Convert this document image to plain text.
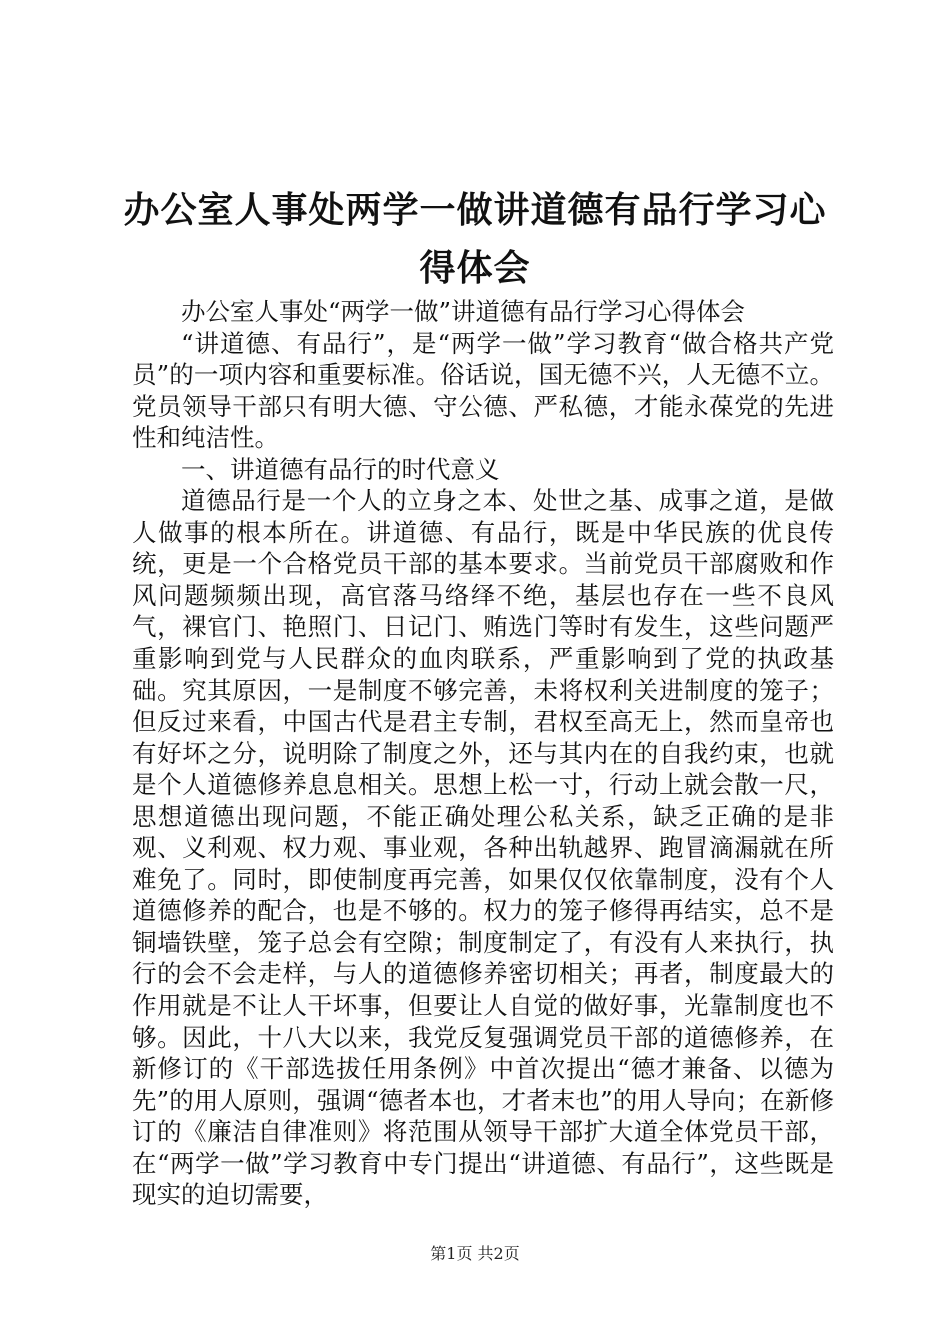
办公室人事处两学一做讲道德有品行学习心得体会

办公室人事处“两学一做”讲道德有品行学习心得体会

“讲道德、有品行”，是“两学一做”学习教育“做合格共产党员”的一项内容和重要标准。俗话说，国无德不兴，人无德不立。党员领导干部只有明大德、守公德、严私德，才能永葆党的先进性和纯洁性。

一、讲道德有品行的时代意义

道德品行是一个人的立身之本、处世之基、成事之道，是做人做事的根本所在。讲道德、有品行，既是中华民族的优良传统，更是一个合格党员干部的基本要求。当前党员干部腐败和作风问题频频出现，高官落马络绎不绝，基层也存在一些不良风气，裸官门、艳照门、日记门、贿选门等时有发生，这些问题严重影响到党与人民群众的血肉联系，严重影响到了党的执政基础。究其原因，一是制度不够完善，未将权利关进制度的笼子；但反过来看，中国古代是君主专制，君权至高无上，然而皇帝也有好坏之分，说明除了制度之外，还与其内在的自我约束，也就是个人道德修养息息相关。思想上松一寸，行动上就会散一尺，思想道德出现问题，不能正确处理公私关系，缺乏正确的是非观、义利观、权力观、事业观，各种出轨越界、跑冒滴漏就在所难免了。同时，即使制度再完善，如果仅仅依靠制度，没有个人道德修养的配合，也是不够的。权力的笼子修得再结实，总不是铜墙铁壁，笼子总会有空隙；制度制定了，有没有人来执行，执行的会不会走样，与人的道德修养密切相关；再者，制度最大的作用就是不让人干坏事，但要让人自觉的做好事，光靠制度也不够。因此，十八大以来，我党反复强调党员干部的道德修养，在新修订的《干部选拔任用条例》中首次提出“德才兼备、以德为先”的用人原则，强调“德者本也，才者末也”的用人导向；在新修订的《廉洁自律准则》将范围从领导干部扩大道全体党员干部，在“两学一做”学习教育中专门提出“讲道德、有品行”，这些既是现实的迫切需要，

第1页 共2页
